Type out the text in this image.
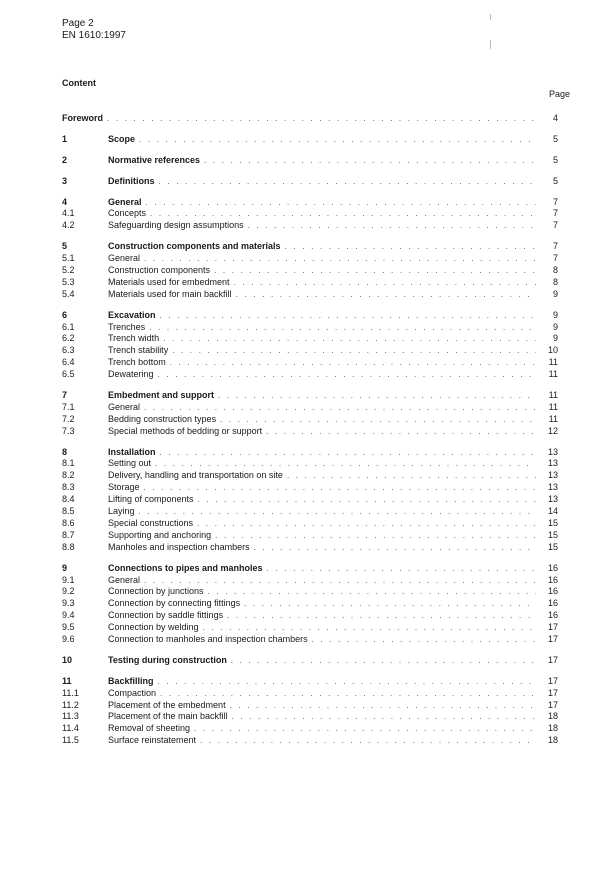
Page 2
EN 1610:1997
Content
Page
Foreword . . .	4
1	Scope . . .	5
2	Normative references . . .	5
3	Definitions . . .	5
4	General . . .	7
4.1	Concepts . . .	7
4.2	Safeguarding design assumptions . . .	7
5	Construction components and materials . . .	7
5.1	General . . .	7
5.2	Construction components . . .	8
5.3	Materials used for embedment . . .	8
5.4	Materials used for main backfill . . .	9
6	Excavation . . .	9
6.1	Trenches . . .	9
6.2	Trench width . . .	9
6.3	Trench stability . . .	10
6.4	Trench bottom . . .	11
6.5	Dewatering . . .	11
7	Embedment and support . . .	11
7.1	General . . .	11
7.2	Bedding construction types . . .	11
7.3	Special methods of bedding or support . . .	12
8	Installation . . .	13
8.1	Setting out . . .	13
8.2	Delivery, handling and transportation on site . . .	13
8.3	Storage . . .	13
8.4	Lifting of components . . .	13
8.5	Laying . . .	14
8.6	Special constructions . . .	15
8.7	Supporting and anchoring . . .	15
8.8	Manholes and inspection chambers . . .	15
9	Connections to pipes and manholes . . .	16
9.1	General . . .	16
9.2	Connection by junctions . . .	16
9.3	Connection by connecting fittings . . .	16
9.4	Connection by saddle fittings . . .	16
9.5	Connection by welding . . .	17
9.6	Connection to manholes and inspection chambers . . .	17
10	Testing during construction . . .	17
11	Backfilling . . .	17
11.1	Compaction . . .	17
11.2	Placement of the embedment . . .	17
11.3	Placement of the main backfill . . .	18
11.4	Removal of sheeting . . .	18
11.5	Surface reinstatement . . .	18
